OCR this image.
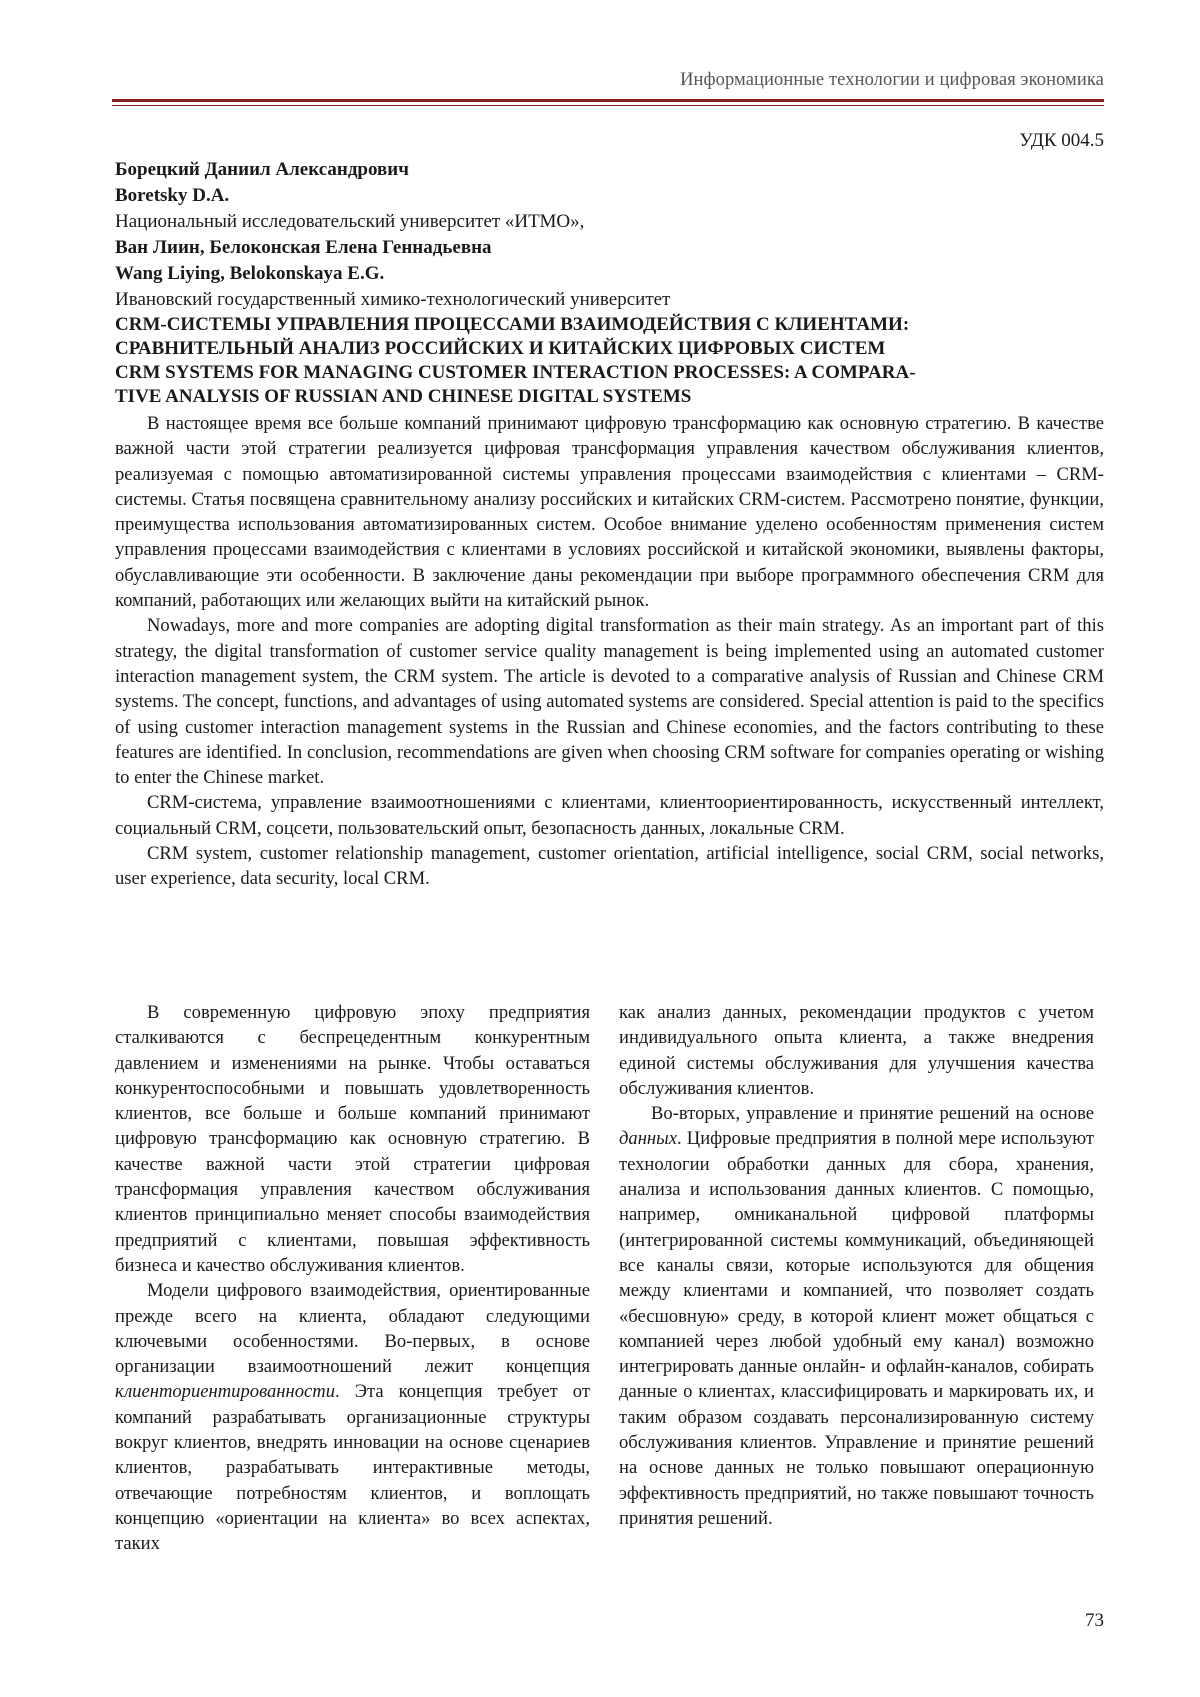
Информационные технологии и цифровая экономика
УДК 004.5
Борецкий Даниил Александрович
Boretsky D.A.
Национальный исследовательский университет «ИТМО»,
Ван Лиин, Белоконская Елена Геннадьевна
Wang Liying, Belokonskaya E.G.
Ивановский государственный химико-технологический университет
CRM-СИСТЕМЫ УПРАВЛЕНИЯ ПРОЦЕССАМИ ВЗАИМОДЕЙСТВИЯ С КЛИЕНТАМИ:
СРАВНИТЕЛЬНЫЙ АНАЛИЗ РОССИЙСКИХ И КИТАЙСКИХ ЦИФРОВЫХ СИСТЕМ
CRM SYSTEMS FOR MANAGING CUSTOMER INTERACTION PROCESSES: A COMPARA-
TIVE ANALYSIS OF RUSSIAN AND CHINESE DIGITAL SYSTEMS

В настоящее время все больше компаний принимают цифровую трансформацию как основную стратегию. В качестве важной части этой стратегии реализуется цифровая трансформация управления качеством обслуживания клиентов, реализуемая с помощью автоматизированной системы управления процессами взаимодействия с клиентами – CRM-системы. Статья посвящена сравнительному анализу российских и китайских CRM-систем. Рассмотрено понятие, функции, преимущества использования автоматизированных систем. Особое внимание уделено особенностям применения систем управления процессами взаимодействия с клиентами в условиях российской и китайской экономики, выявлены факторы, обуславливающие эти особенности. В заключение даны рекомендации при выборе программного обеспечения CRM для компаний, работающих или желающих выйти на китайский рынок.

Nowadays, more and more companies are adopting digital transformation as their main strategy. As an important part of this strategy, the digital transformation of customer service quality management is being implemented using an automated customer interaction management system, the CRM system. The article is devoted to a comparative analysis of Russian and Chinese CRM systems. The concept, functions, and advantages of using automated systems are considered. Special attention is paid to the specifics of using customer interaction management systems in the Russian and Chinese economies, and the factors contributing to these features are identified. In conclusion, recommendations are given when choosing CRM software for companies operating or wishing to enter the Chinese market.

CRM-система, управление взаимоотношениями с клиентами, клиентоориентированность, искусственный интеллект, социальный CRM, соцсети, пользовательский опыт, безопасность данных, локальные CRM.

CRM system, customer relationship management, customer orientation, artificial intelligence, social CRM, social networks, user experience, data security, local CRM.

В современную цифровую эпоху предприятия сталкиваются с беспрецедентным конкурентным давлением и изменениями на рынке. Чтобы оставаться конкурентоспособными и повышать удовлетворенность клиентов, все больше и больше компаний принимают цифровую трансформацию как основную стратегию. В качестве важной части этой стратегии цифровая трансформация управления качеством обслуживания клиентов принципиально меняет способы взаимодействия предприятий с клиентами, повышая эффективность бизнеса и качество обслуживания клиентов.

Модели цифрового взаимодействия, ориентированные прежде всего на клиента, обладают следующими ключевыми особенностями. Во-первых, в основе организации взаимоотношений лежит концепция клиенториентированности. Эта концепция требует от компаний разрабатывать организационные структуры вокруг клиентов, внедрять инновации на основе сценариев клиентов, разрабатывать интерактивные методы, отвечающие потребностям клиентов, и воплощать концепцию «ориентации на клиента» во всех аспектах, таких

как анализ данных, рекомендации продуктов с учетом индивидуального опыта клиента, а также внедрения единой системы обслуживания для улучшения качества обслуживания клиентов.

Во-вторых, управление и принятие решений на основе данных. Цифровые предприятия в полной мере используют технологии обработки данных для сбора, хранения, анализа и использования данных клиентов. С помощью, например, омниканальной цифровой платформы (интегрированной системы коммуникаций, объединяющей все каналы связи, которые используются для общения между клиентами и компанией, что позволяет создать «бесшовную» среду, в которой клиент может общаться с компанией через любой удобный ему канал) возможно интегрировать данные онлайн- и офлайн-каналов, собирать данные о клиентах, классифицировать и маркировать их, и таким образом создавать персонализированную систему обслуживания клиентов. Управление и принятие решений на основе данных не только повышают операционную эффективность предприятий, но также повышают точность принятия решений.

73
